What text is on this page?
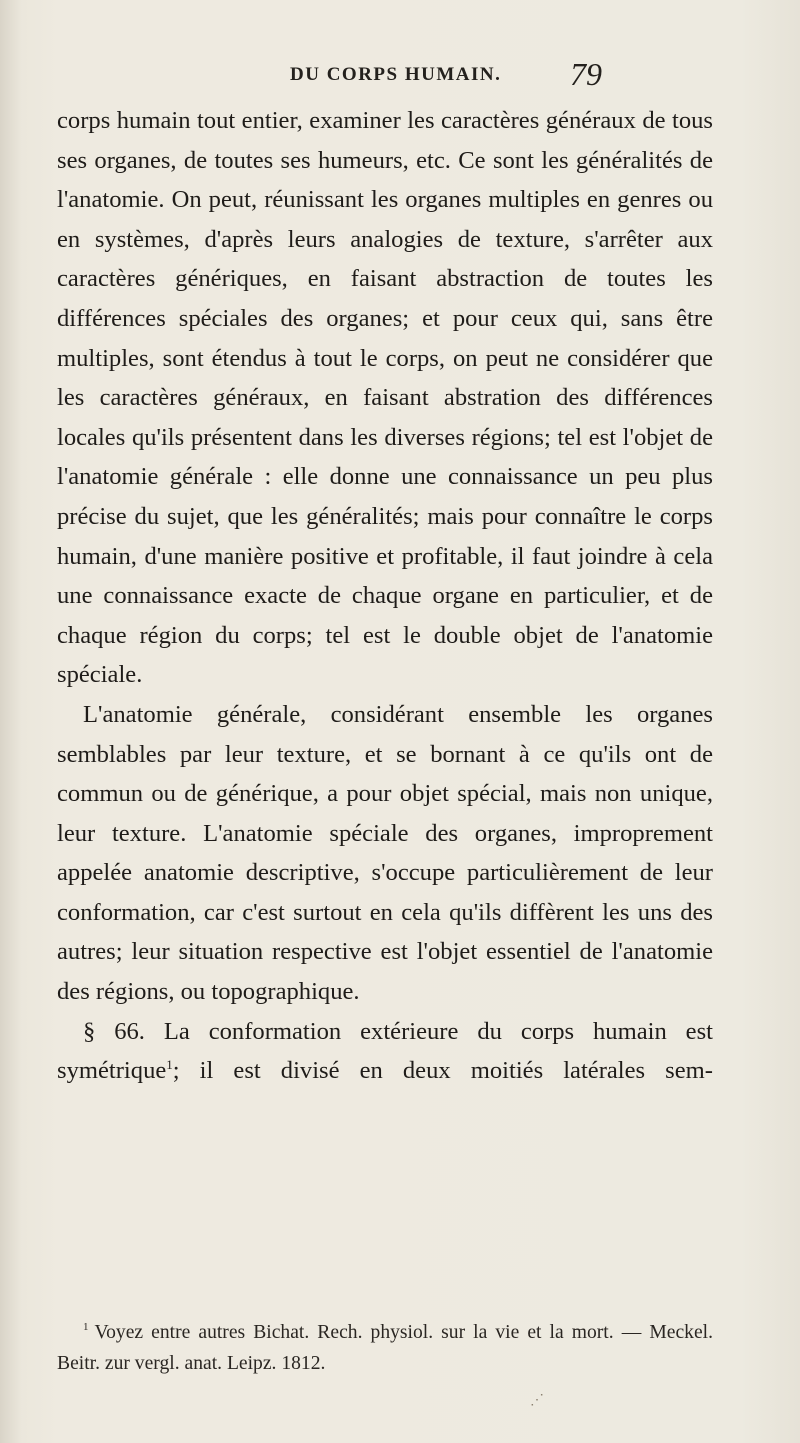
DU CORPS HUMAIN. 79

corps humain tout entier, examiner les caractères généraux de tous ses organes, de toutes ses humeurs, etc. Ce sont les généralités de l'anatomie. On peut, réunissant les organes multiples en genres ou en systèmes, d'après leurs analogies de texture, s'arrêter aux caractères génériques, en faisant abstraction de toutes les différences spéciales des organes; et pour ceux qui, sans être multiples, sont étendus à tout le corps, on peut ne considérer que les caractères généraux, en faisant abstration des différences locales qu'ils présentent dans les diverses régions; tel est l'objet de l'anatomie générale : elle donne une connaissance un peu plus précise du sujet, que les généralités; mais pour connaître le corps humain, d'une manière positive et profitable, il faut joindre à cela une connaissance exacte de chaque organe en particulier, et de chaque région du corps; tel est le double objet de l'anatomie spéciale.

L'anatomie générale, considérant ensemble les organes semblables par leur texture, et se bornant à ce qu'ils ont de commun ou de générique, a pour objet spécial, mais non unique, leur texture. L'anatomie spéciale des organes, improprement appelée anatomie descriptive, s'occupe particulièrement de leur conformation, car c'est surtout en cela qu'ils diffèrent les uns des autres; leur situation respective est l'objet essentiel de l'anatomie des régions, ou topographique.

§ 66. La conformation extérieure du corps humain est symétrique$^1$; il est divisé en deux moitiés latérales sem-

$^1$ Voyez entre autres Bichat. Rech. physiol. sur la vie et la mort. — Meckel. Beitr. zur vergl. anat. Leipz. 1812.

⋰
